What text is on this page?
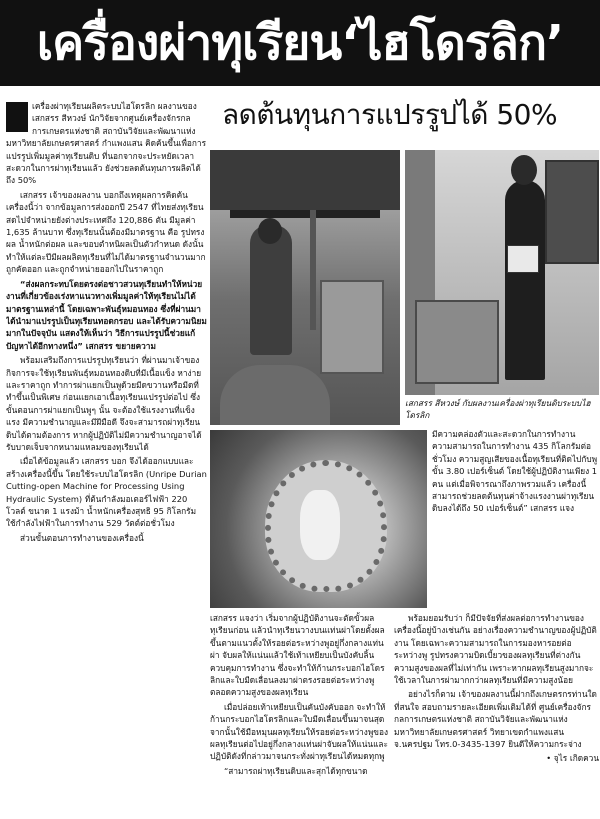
เครื่องผ่าทุเรียน‘ไฮโดรลิก’
ลดต้นทุนการแปรรูปได้ 50%

เครื่องผ่าทุเรียนผลิตระบบไฮโดรลิก ผลงานของ เสกสรร สีหวงษ์ นักวิจัยจากศูนย์เครื่องจักรกลการเกษตรแห่งชาติ สถาบันวิจัยและพัฒนาแห่งมหาวิทยาลัยเกษตรศาสตร์ กำแพงแสน คิดค้นขึ้นเพื่อการแปรรูปเพิ่มมูลค่าทุเรียนดิบ ที่นอกจากจะประหยัดเวลา สะดวกในการผ่าทุเรียนแล้ว ยังช่วยลดต้นทุนการผลิตได้ถึง 50%

เสกสรร เจ้าของผลงาน บอกถึงเหตุผลการคิดค้นเครื่องนี้ว่า จากข้อมูลการส่งออกปี 2547 ที่ไทยส่งทุเรียนสดไปจำหน่ายยังต่างประเทศถึง 120,886 ตัน มีมูลค่า 1,635 ล้านบาท ซึ่งทุเรียนนั้นต้องมีมาตรฐาน คือ รูปทรงผล น้ำหนักต่อผล และขอบตำหนิผลเป็นตัวกำหนด ดังนั้น ทำให้แต่ละปีมีผลผลิตทุเรียนที่ไม่ได้มาตรฐานจำนวนมากถูกคัดออก และถูกจำหน่ายออกไปในราคาถูก

“ส่งผลกระทบโดยตรงต่อชาวสวนทุเรียนทำให้หน่วยงานที่เกี่ยวข้องเร่งหาแนวทางเพิ่มมูลค่าให้ทุเรียนไม่ได้มาตรฐานเหล่านี้ โดยเฉพาะพันธุ์หมอนทอง ซึ่งที่ผ่านมาได้นำมาแปรรูปเป็นทุเรียนทอดกรอบ และได้รับความนิยมมากในปัจจุบัน แสดงให้เห็นว่า วิธีการแปรรูปนี้ช่วยแก้ปัญหาได้อีกทางหนึ่ง” เสกสรร ขยายความ

พร้อมเสริมถึงการแปรรูปทุเรียนว่า ที่ผ่านมาเจ้าของกิจการจะใช้ทุเรียนพันธุ์หมอนทองดิบที่มีเนื้อแข็ง หาง่ายและราคาถูก ทำการผ่าแยกเป็นพูด้วยมีดขวานหรือมีดที่ทำขึ้นเป็นพิเศษ ก่อนแยกเอาเนื้อทุเรียนแปรรูปต่อไป ซึ่งขั้นตอนการผ่าแยกเป็นพูๆ นั้น จะต้องใช้แรงงานที่แข็งแรง มีความชำนาญและมีฝีมือดี จึงจะสามารถผ่าทุเรียนดิบได้ตามต้องการ หากผู้ปฏิบัติไม่มีความชำนาญอาจได้รับบาดเจ็บจากหนามแหลมของทุเรียนได้

เมื่อได้ข้อมูลแล้ว เสกสรร บอก จึงได้ออกแบบและสร้างเครื่องนี้ขึ้น โดยใช้ระบบไฮโดรลิก (Unripe Durian Cutting-open Machine for Processing Using Hydraulic System) ที่ต้นกำลังมอเตอร์ไฟฟ้า 220 โวลต์ ขนาด 1 แรงม้า น้ำหนักเครื่องสุทธิ 95 กิโลกรัม ใช้กำลังไฟฟ้าในการทำงาน 529 วัตต์ต่อชั่วโมง

ส่วนขั้นตอนการทำงานของเครื่องนี้

เสกสรร สีหวงษ์ กับผลงานเครื่องผ่าทุเรียนดิบระบบไฮโดรลิก

มีความคล่องตัวและสะดวกในการทำงาน ความสามารถในการทำงาน 435 กิโลกรัมต่อชั่วโมง ความสูญเสียของเนื้อทุเรียนที่ติดไปกับพูขั้น 3.80 เปอร์เซ็นต์ โดยใช้ผู้ปฏิบัติงานเพียง 1 คน แต่เมื่อพิจารณาถึงภาพรวมแล้ว เครื่องนี้สามารถช่วยลดต้นทุนค่าจ้างแรงงานผ่าทุเรียนดิบลงได้ถึง 50 เปอร์เซ็นต์” เสกสรร แจง

เสกสรร แจงว่า เริ่มจากผู้ปฏิบัติงานจะตัดขั้วผลทุเรียนก่อน แล้วนำทุเรียนวางบนแท่นผ่าโดยตั้งผลขึ้นตามแนวตั้งให้รอยต่อระหว่างพูอยู่กึ่งกลางแท่นผ่า จับผลให้แน่นแล้วใช้เท้าเหยียบเป็นบังคับลิ้นควบคุมการทำงาน ซึ่งจะทำให้ก้านกระบอกไฮโดรลิกและใบมีดเลื่อนลงมาผ่าตรงรอยต่อระหว่างพูตลอดความสูงของผลทุเรียน

เมื่อปล่อยเท้าเหยียบเป็นคันบังคับออก จะทำให้ก้านกระบอกไฮโดรลิกและใบมีดเลื่อนขึ้นมาจนสุด จากนั้นใช้มือหมุนผลทุเรียนให้รอยต่อระหว่างพูของผลทุเรียนต่อไปอยู่กึ่งกลางแท่นผ่าจับผลให้แน่นและปฏิบัติดังที่กล่าวมาจนกระทั่งผ่าทุเรียนได้หมดทุกพู

“สามารถผ่าทุเรียนดิบและสุกได้ทุกขนาด

พร้อมยอมรับว่า ก็มีปัจจัยที่ส่งผลต่อการทำงานของเครื่องนี้อยู่บ้างเช่นกัน อย่างเรื่องความชำนาญของผู้ปฏิบัติงาน โดยเฉพาะความสามารถในการมองหารอยต่อระหว่างพู รูปทรงความบิดเบี้ยวของผลทุเรียนที่ต่างกัน ความสูงของผลที่ไม่เท่ากัน เพราะหากผลทุเรียนสูงมากจะใช้เวลาในการผ่ามากกว่าผลทุเรียนที่มีความสูงน้อย

อย่างไรก็ตาม เจ้าของผลงานนี้ฝากถึงเกษตรกรท่านใดที่สนใจ สอบถามรายละเอียดเพิ่มเติมได้ที่ ศูนย์เครื่องจักรกลการเกษตรแห่งชาติ สถาบันวิจัยและพัฒนาแห่งมหาวิทยาลัยเกษตรศาสตร์ วิทยาเขตกำแพงแสน จ.นครปฐม โทร.0-3435-1397 ยินดีให้ความกระจ่าง

• จุไร เกิดควน
